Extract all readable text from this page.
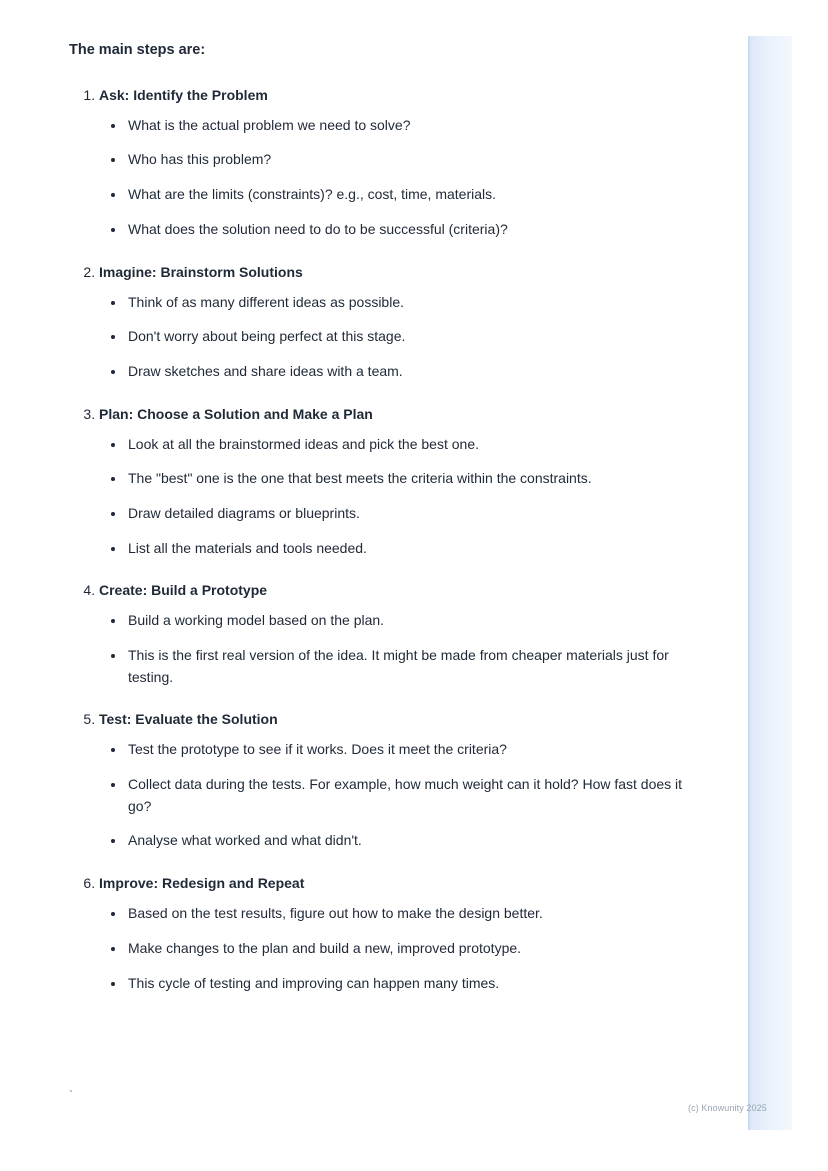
The main steps are:

1. Ask: Identify the Problem
• What is the actual problem we need to solve?
• Who has this problem?
• What are the limits (constraints)? e.g., cost, time, materials.
• What does the solution need to do to be successful (criteria)?
2. Imagine: Brainstorm Solutions
• Think of as many different ideas as possible.
• Don't worry about being perfect at this stage.
• Draw sketches and share ideas with a team.
3. Plan: Choose a Solution and Make a Plan
• Look at all the brainstormed ideas and pick the best one.
• The "best" one is the one that best meets the criteria within the constraints.
• Draw detailed diagrams or blueprints.
• List all the materials and tools needed.
4. Create: Build a Prototype
• Build a working model based on the plan.
• This is the first real version of the idea. It might be made from cheaper materials just for testing.
5. Test: Evaluate the Solution
• Test the prototype to see if it works. Does it meet the criteria?
• Collect data during the tests. For example, how much weight can it hold? How fast does it go?
• Analyse what worked and what didn't.
6. Improve: Redesign and Repeat
• Based on the test results, figure out how to make the design better.
• Make changes to the plan and build a new, improved prototype.
• This cycle of testing and improving can happen many times.
`
(c) Knowunity 2025
